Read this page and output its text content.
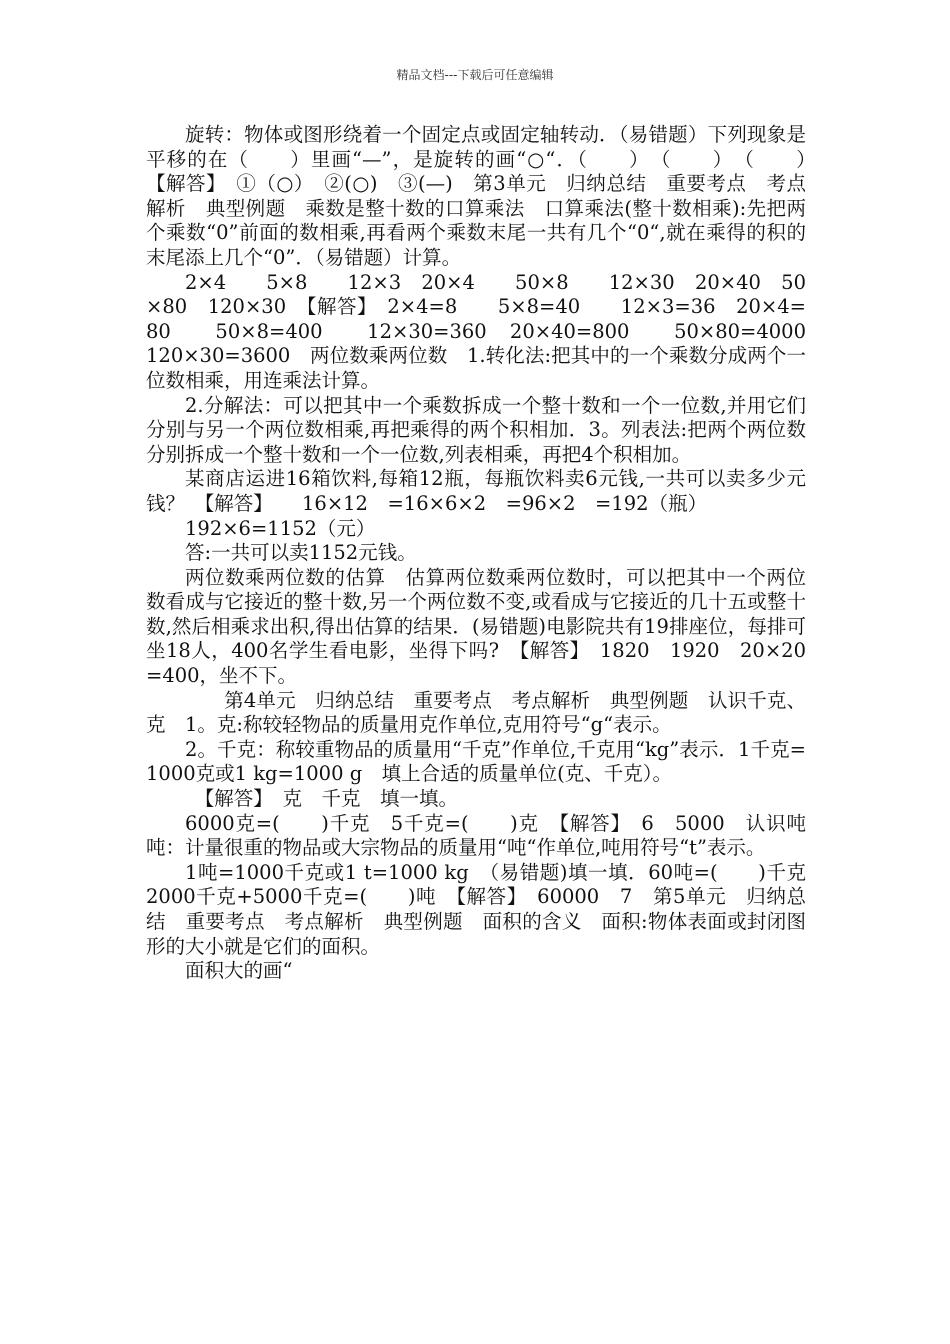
精品文档---下载后可任意编辑

旋转：物体或图形绕着一个固定点或固定轴转动．（易错题）下列现象是平移的在（　　）里画“—”，是旋转的画“○“．（　　）　（　　）　（　　）　【解答】　①（○）　②(○)　③(—)　第3单元　归纳总结　重要考点　考点解析　典型例题　乘数是整十数的口算乘法　口算乘法(整十数相乘):先把两个乘数“0”前面的数相乘,再看两个乘数末尾一共有几个“0“,就在乘得的积的末尾添上几个“0”．（易错题）计算。

2×4　　5×8　　12×3　20×4　　50×8　　12×30　20×40　50×80　120×30　【解答】　2×4=8　　5×8=40　　12×3=36　20×4=80　　50×8=400　　12×30=360　20×40=800　　50×80=4000　120×30=3600　两位数乘两位数　1.转化法:把其中的一个乘数分成两个一位数相乘，用连乘法计算。

2.分解法：可以把其中一个乘数拆成一个整十数和一个一位数,并用它们分别与另一个两位数相乘,再把乘得的两个积相加．3。列表法:把两个两位数分别拆成一个整十数和一个一位数,列表相乘，再把4个积相加。

某商店运进16箱饮料,每箱12瓶，每瓶饮料卖6元钱,一共可以卖多少元钱？　【解答】　　16×12　=16×6×2　=96×2　=192（瓶）

192×6=1152（元）

答:一共可以卖1152元钱。

两位数乘两位数的估算　估算两位数乘两位数时，可以把其中一个两位数看成与它接近的整十数,另一个两位数不变,或看成与它接近的几十五或整十数,然后相乘求出积,得出估算的结果．(易错题)电影院共有19排座位，每排可坐18人，400名学生看电影，坐得下吗?　【解答】　1820　1920　20×20=400，坐不下。

　　第4单元　归纳总结　重要考点　考点解析　典型例题　认识千克、克　1。克:称较轻物品的质量用克作单位,克用符号“g“表示。

2。千克：称较重物品的质量用“千克”作单位,千克用“kg”表示．1千克=1000克或1 kg=1000 g　填上合适的质量单位(克、千克）。

　【解答】　克　千克　填一填。

6000克=(　　)千克　5千克=(　　)克　【解答】　6　5000　认识吨　吨：计量很重的物品或大宗物品的质量用“吨“作单位,吨用符号“t”表示。

1吨=1000千克或1 t=1000 kg　（易错题)填一填．60吨=(　　)千克　2000千克+5000千克=(　　)吨　【解答】　60000　7　第5单元　归纳总结　重要考点　考点解析　典型例题　面积的含义　面积:物体表面或封闭图形的大小就是它们的面积。

面积大的画“
